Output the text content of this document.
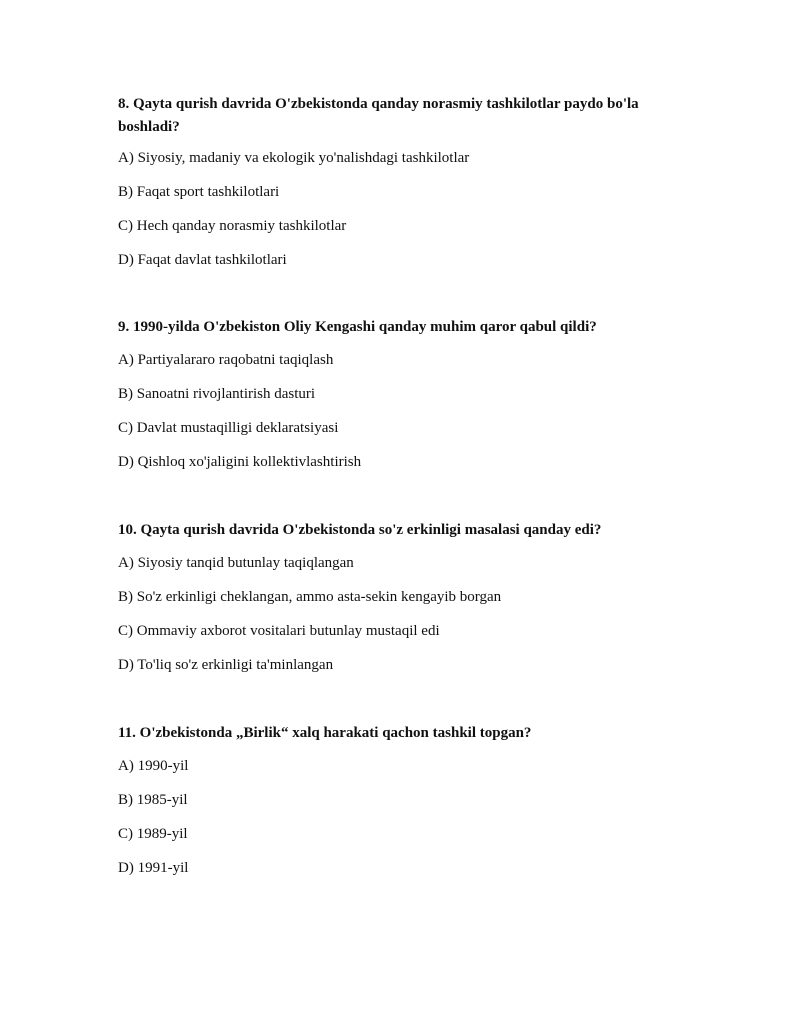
8. Qayta qurish davrida O'zbekistonda qanday norasmiy tashkilotlar paydo bo'la boshladi?

A) Siyosiy, madaniy va ekologik yo'nalishdagi tashkilotlar

B) Faqat sport tashkilotlari

C) Hech qanday norasmiy tashkilotlar

D) Faqat davlat tashkilotlari

9. 1990-yilda O'zbekiston Oliy Kengashi qanday muhim qaror qabul qildi?

A) Partiyalararo raqobatni taqiqlash

B) Sanoatni rivojlantirish dasturi

C) Davlat mustaqilligi deklaratsiyasi

D) Qishloq xo'jaligini kollektivlashtirish

10. Qayta qurish davrida O'zbekistonda so'z erkinligi masalasi qanday edi?

A) Siyosiy tanqid butunlay taqiqlangan

B) So'z erkinligi cheklangan, ammo asta-sekin kengayib borgan

C) Ommaviy axborot vositalari butunlay mustaqil edi

D) To'liq so'z erkinligi ta'minlangan

11. O'zbekistonda „Birlik“ xalq harakati qachon tashkil topgan?

A) 1990-yil

B) 1985-yil

C) 1989-yil

D) 1991-yil
